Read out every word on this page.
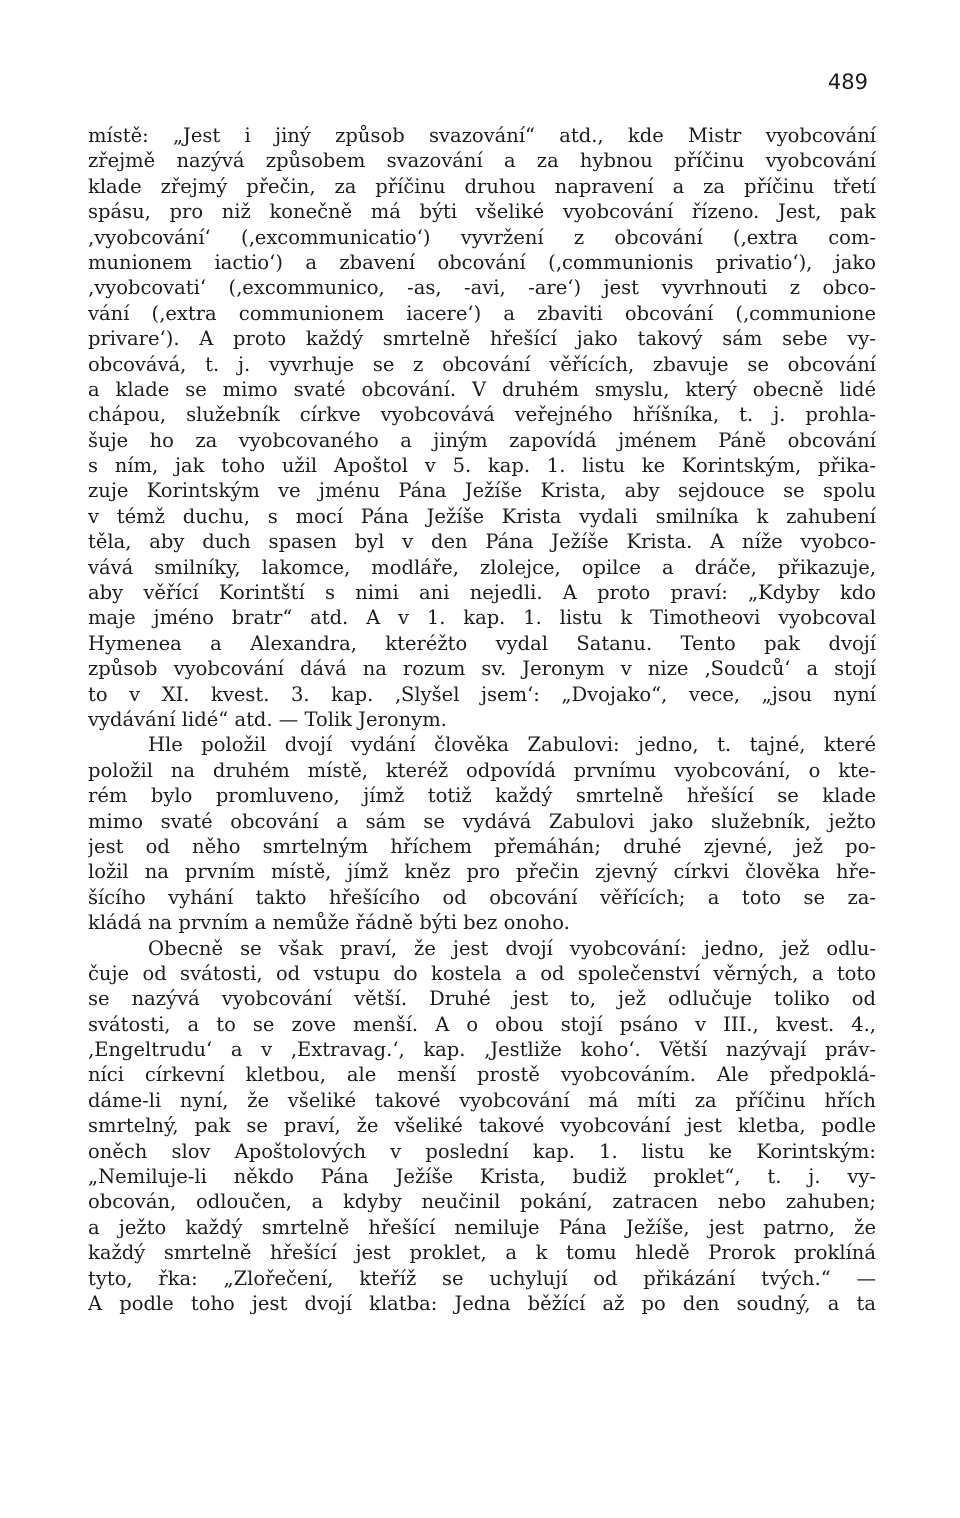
489
místě: „Jest i jiný způsob svazování“ atd., kde Mistr vyobcování
zřejmě nazývá způsobem svazování a za hybnou příčinu vyobcování
klade zřejmý přečin, za příčinu druhou napravení a za příčinu třetí
spásu, pro niž konečně má býti všeliké vyobcování řízeno. Jest, pak
‚vyobcování‘ (‚excommunicatio‘) vyvržení z obcování (‚extra com-
munionem iactio‘) a zbavení obcování (‚communionis privatio‘), jako
‚vyobcovati‘ (‚excommunico, -as, -avi, -are‘) jest vyvrhnouti z obco-
vání (‚extra communionem iacere‘) a zbaviti obcování (‚communione
privare‘). A proto každý smrtelně hřešící jako takový sám sebe vy-
obcovává, t. j. vyvrhuje se z obcování věřících, zbavuje se obcování
a klade se mimo svaté obcování. V druhém smyslu, který obecně lidé
chápou, služebník církve vyobcovává veřejného hříšníka, t. j. prohla-
šuje ho za vyobcovaného a jiným zapovídá jménem Páně obcování
s ním, jak toho užil Apoštol v 5. kap. 1. listu ke Korintským, přika-
zuje Korintským ve jménu Pána Ježíše Krista, aby sejdouce se spolu
v témž duchu, s mocí Pána Ježíše Krista vydali smilníka k zahubení
těla, aby duch spasen byl v den Pána Ježíše Krista. A níže vyobco-
vává smilníky, lakomce, modláře, zlolejce, opilce a dráče, přikazuje,
aby věřící Korintští s nimi ani nejedli. A proto praví: „Kdyby kdo
maje jméno bratr“ atd. A v 1. kap. 1. listu k Timotheovi vyobcoval
Hymenea a Alexandra, kteréžto vydal Satanu. Tento pak dvojí
způsob vyobcování dává na rozum sv. Jeronym v nize ‚Soudců‘ a stojí
to v XI. kvest. 3. kap. ‚Slyšel jsem‘: „Dvojako“, vece, „jsou nyní
vydávání lidé“ atd. — Tolik Jeronym.
Hle položil dvojí vydání člověka Zabulovi: jedno, t. tajné, které
položil na druhém místě, kteréž odpovídá prvnímu vyobcování, o kte-
rém bylo promluveno, jímž totiž každý smrtelně hřešící se klade
mimo svaté obcování a sám se vydává Zabulovi jako služebník, ježto
jest od něho smrtelným hříchem přemáhán; druhé zjevné, jež po-
ložil na prvním místě, jímž kněz pro přečin zjevný církvi člověka hře-
šícího vyhání takto hřešícího od obcování věřících; a toto se za-
kládá na prvním a nemůže řádně býti bez onoho.
Obecně se však praví, že jest dvojí vyobcování: jedno, jež odlu-
čuje od svátosti, od vstupu do kostela a od společenství věrných, a toto
se nazývá vyobcování větší. Druhé jest to, jež odlučuje toliko od
svátosti, a to se zove menší. A o obou stojí psáno v III., kvest. 4.,
‚Engeltrudu‘ a v ‚Extravag.‘, kap. ‚Jestliže koho‘. Větší nazývají práv-
níci církevní kletbou, ale menší prostě vyobcováním. Ale předpoklá-
dáme-li nyní, že všeliké takové vyobcování má míti za příčinu hřích
smrtelný, pak se praví, že všeliké takové vyobcování jest kletba, podle
oněch slov Apoštolových v poslední kap. 1. listu ke Korintským:
„Nemiluje-li někdo Pána Ježíše Krista, budiž proklet“, t. j. vy-
obcován, odloučen, a kdyby neučinil pokání, zatracen nebo zahuben;
a ježto každý smrtelně hřešící nemiluje Pána Ježíše, jest patrno, že
každý smrtelně hřešící jest proklet, a k tomu hledě Prorok proklíná
tyto, řka: „Zlořečení, kteříž se uchylují od přikázání tvých.“ —
A podle toho jest dvojí klatba: Jedna běžící až po den soudný, a ta
